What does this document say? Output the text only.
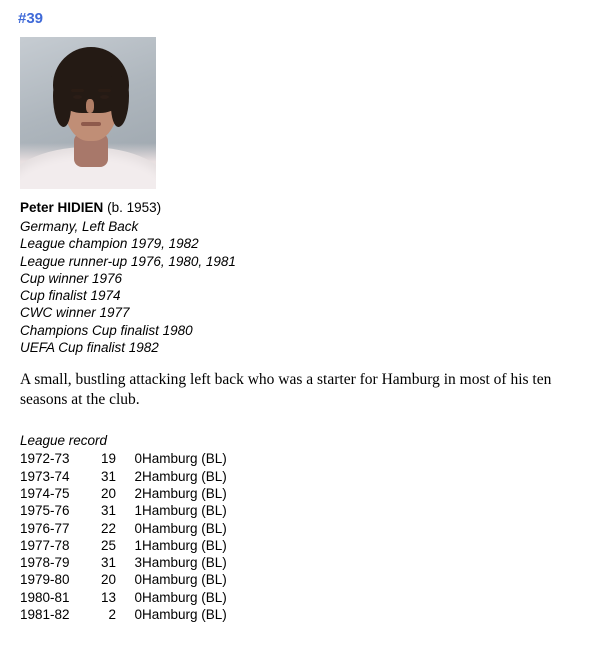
#39
Peter HIDIEN (b. 1953)
Germany, Left Back
League champion 1979, 1982
League runner-up 1976, 1980, 1981
Cup winner 1976
Cup finalist 1974
CWC winner 1977
Champions Cup finalist 1980
UEFA Cup finalist 1982
A small, bustling attacking left back who was a starter for Hamburg in most of his ten seasons at the club.
League record
1972-73	19	0	Hamburg (BL)
1973-74	31	2	Hamburg (BL)
1974-75	20	2	Hamburg (BL)
1975-76	31	1	Hamburg (BL)
1976-77	22	0	Hamburg (BL)
1977-78	25	1	Hamburg (BL)
1978-79	31	3	Hamburg (BL)
1979-80	20	0	Hamburg (BL)
1980-81	13	0	Hamburg (BL)
1981-82	2	0	Hamburg (BL)
